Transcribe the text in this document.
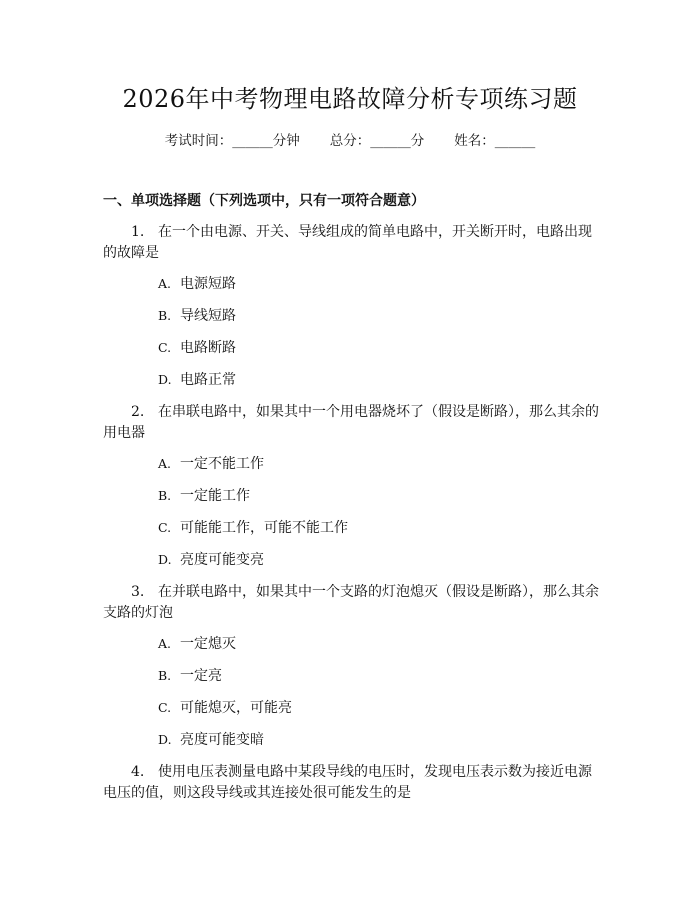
2026年中考物理电路故障分析专项练习题
考试时间：______分钟 总分：______分 姓名：______
一、单项选择题（下列选项中，只有一项符合题意）
1. 在一个由电源、开关、导线组成的简单电路中，开关断开时，电路出现的故障是
A. 电源短路
B. 导线短路
C. 电路断路
D. 电路正常
2. 在串联电路中，如果其中一个用电器烧坏了（假设是断路），那么其余的用电器
A. 一定不能工作
B. 一定能工作
C. 可能能工作，可能不能工作
D. 亮度可能变亮
3. 在并联电路中，如果其中一个支路的灯泡熄灭（假设是断路），那么其余支路的灯泡
A. 一定熄灭
B. 一定亮
C. 可能熄灭，可能亮
D. 亮度可能变暗
4. 使用电压表测量电路中某段导线的电压时，发现电压表示数为接近电源电压的值，则这段导线或其连接处很可能发生的是
